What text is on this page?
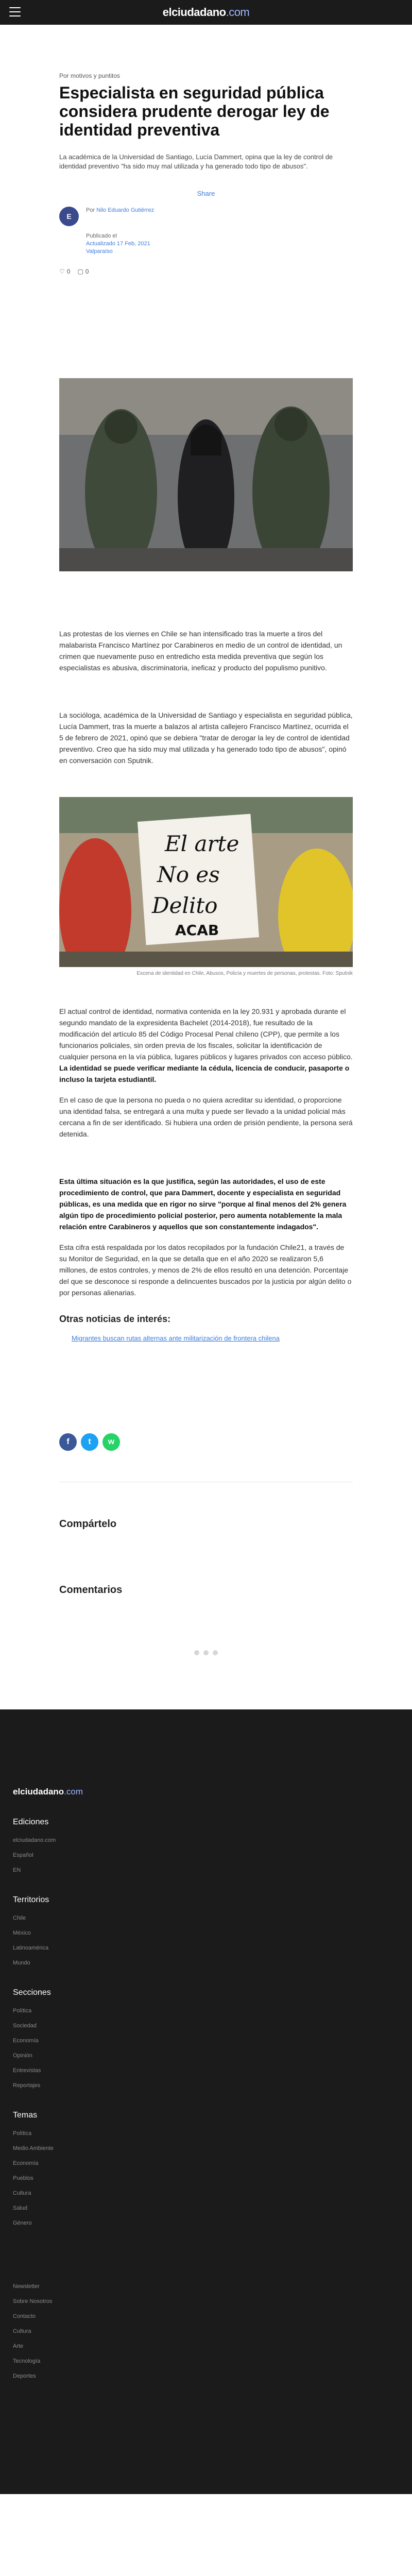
elciudadano.com
Por motivos y puntitos
Especialista en seguridad pública considera prudente derogar ley de identidad preventiva

La académica de la Universidad de Santiago, Lucía Dammert, opina que la ley de control de identidad preventivo "ha sido muy mal utilizada y ha generado todo tipo de abusos".

Share
E
Por Nilo Eduardo Gutiérrez
Publicado el
Actualizado 17 Feb, 2021
Valparaíso
♡ 0 ▢ 0

Las protestas de los viernes en Chile se han intensificado tras la muerte a tiros del malabarista Francisco Martínez por Carabineros en medio de un control de identidad, un crimen que nuevamente puso en entredicho esta medida preventiva que según los especialistas es abusiva, discriminatoria, ineficaz y producto del populismo punitivo.

La socióloga, académica de la Universidad de Santiago y especialista en seguridad pública, Lucía Dammert, tras la muerte a balazos al artista callejero Francisco Martínez, ocurrida el 5 de febrero de 2021, opinó que se debiera "tratar de derogar la ley de control de identidad preventivo. Creo que ha sido muy mal utilizada y ha generado todo tipo de abusos", opinó en conversación con Sputnik.

El arte
No es
Delito
ACAB
Escena de identidad en Chile, Abusos, Policía y muertes de personas, protestas. Foto: Sputnik

El actual control de identidad, normativa contenida en la ley 20.931 y aprobada durante el segundo mandato de la expresidenta Bachelet (2014-2018), fue resultado de la modificación del artículo 85 del Código Procesal Penal chileno (CPP), que permite a los funcionarios policiales, sin orden previa de los fiscales, solicitar la identificación de cualquier persona en la vía pública, lugares públicos y lugares privados con acceso público. La identidad se puede verificar mediante la cédula, licencia de conducir, pasaporte o incluso la tarjeta estudiantil.

En el caso de que la persona no pueda o no quiera acreditar su identidad, o proporcione una identidad falsa, se entregará a una multa y puede ser llevado a la unidad policial más cercana a fin de ser identificado. Si hubiera una orden de prisión pendiente, la persona será detenida.

Esta última situación es la que justifica, según las autoridades, el uso de este procedimiento de control, que para Dammert, docente y especialista en seguridad públicas, es una medida que en rigor no sirve "porque al final menos del 2% genera algún tipo de procedimiento policial posterior, pero aumenta notablemente la mala relación entre Carabineros y aquellos que son constantemente indagados".

Esta cifra está respaldada por los datos recopilados por la fundación Chile21, a través de su Monitor de Seguridad, en la que se detalla que en el año 2020 se realizaron 5,6 millones, de estos controles, y menos de 2% de ellos resultó en una detención. Porcentaje del que se desconoce si responde a delincuentes buscados por la justicia por algún delito o por personas alienarias.

Otras noticias de interés:
Migrantes buscan rutas alternas ante militarización de frontera chilena
f	t	w
Compártelo
Comentarios
elciudadano.com
Ediciones
elciudadano.com
Español
EN
Territorios
Chile
México
Latinoamérica
Mundo
Secciones
Política
Sociedad
Economía
Opinión
Entrevistas
Reportajes
Temas
Política
Medio Ambiente
Economía
Pueblos
Cultura
Salud
Género
Newsletter
Sobre Nosotros
Contacto
Cultura
Arte
Tecnología
Deportes
